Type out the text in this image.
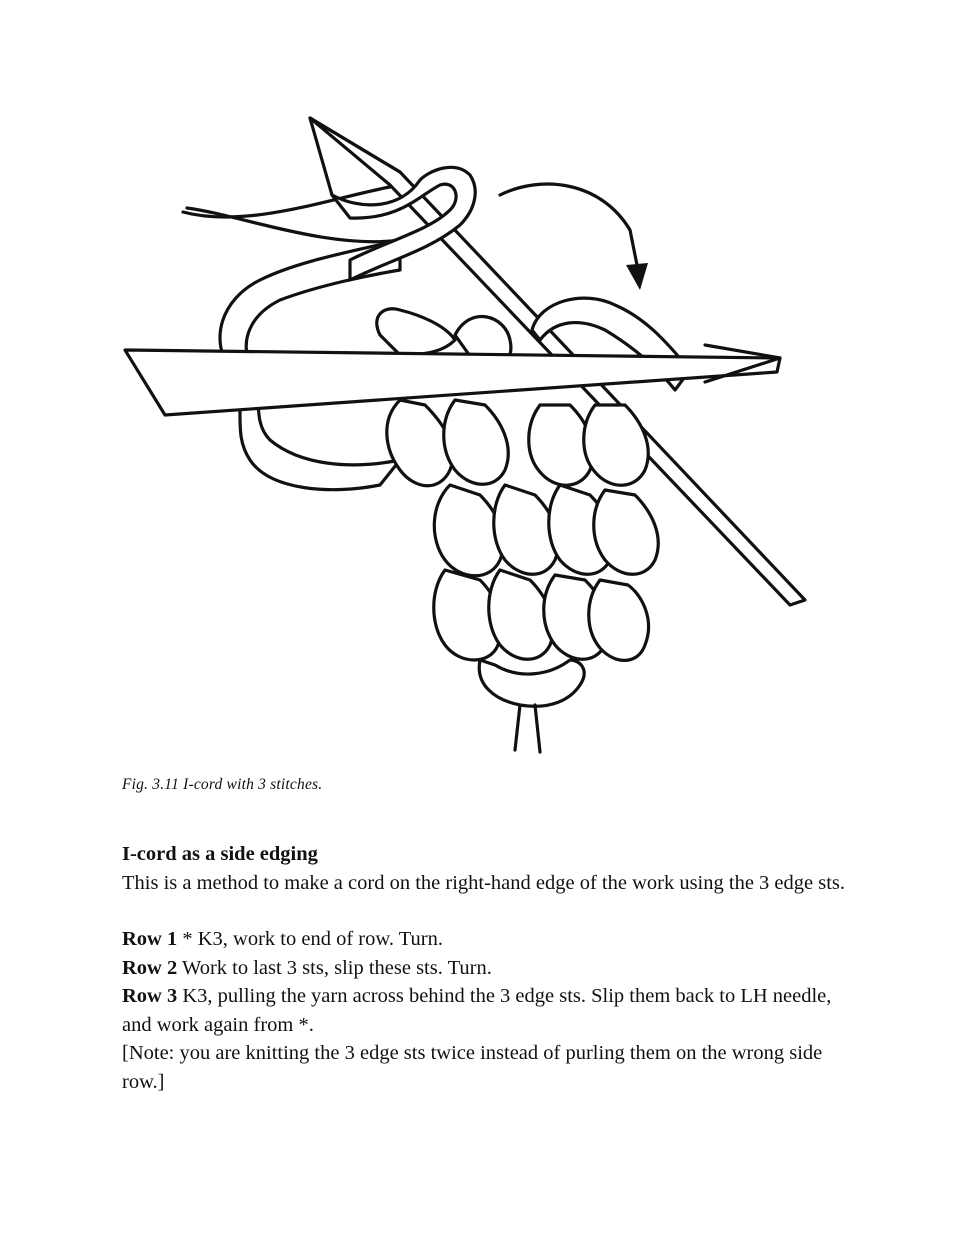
Fig. 3.11 I-cord with 3 stitches.

I-cord as a side edging

This is a method to make a cord on the right-hand edge of the work using the 3 edge sts.

Row 1 * K3, work to end of row. Turn.

Row 2 Work to last 3 sts, slip these sts. Turn.

Row 3 K3, pulling the yarn across behind the 3 edge sts. Slip them back to LH needle, and work again from *.

[Note: you are knitting the 3 edge sts twice instead of purling them on the wrong side row.]
